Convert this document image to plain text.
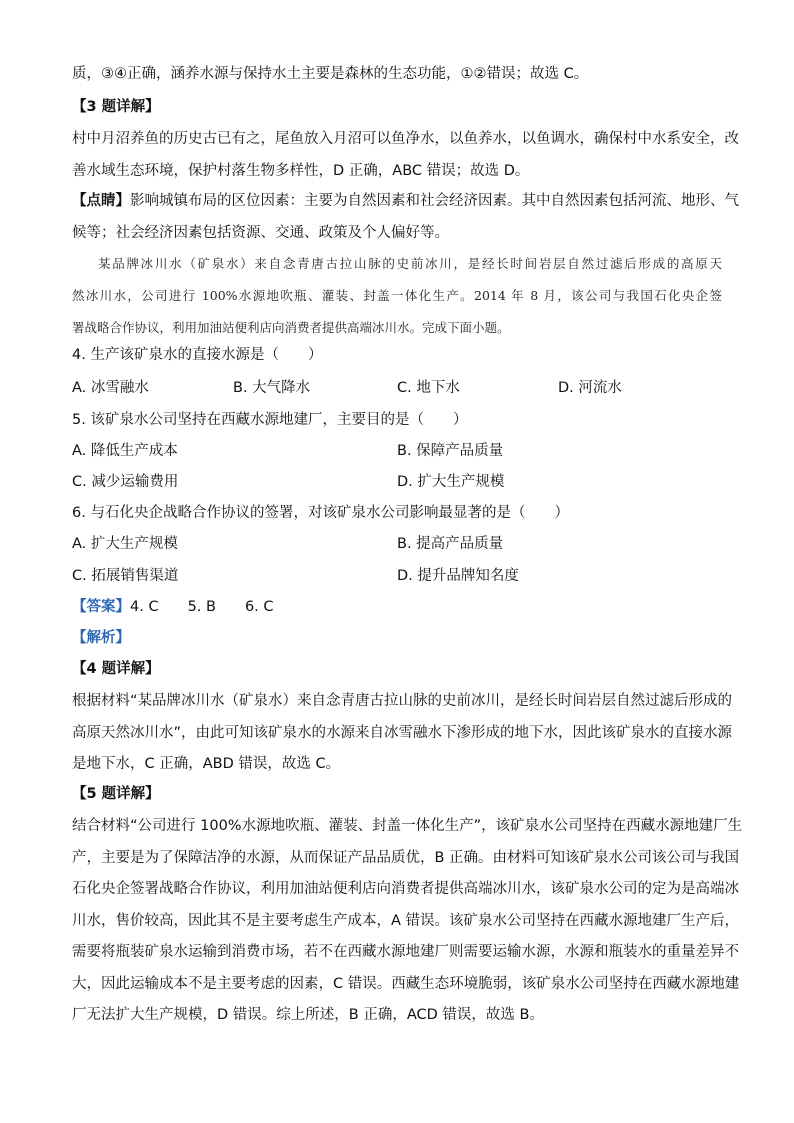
质，③④正确，涵养水源与保持水土主要是森林的生态功能，①②错误；故选 C。
【3 题详解】
村中月沼养鱼的历史古已有之，尾鱼放入月沼可以鱼净水，以鱼养水，以鱼调水，确保村中水系安全，改
善水域生态环境，保护村落生物多样性，D 正确，ABC 错误；故选 D。
【点睛】影响城镇布局的区位因素：主要为自然因素和社会经济因素。其中自然因素包括河流、地形、气
候等；社会经济因素包括资源、交通、政策及个人偏好等。
某品牌冰川水（矿泉水）来自念青唐古拉山脉的史前冰川，是经长时间岩层自然过滤后形成的高原天
然冰川水，公司进行 100%水源地吹瓶、灌装、封盖一体化生产。2014 年 8 月，该公司与我国石化央企签
署战略合作协议，利用加油站便利店向消费者提供高端冰川水。完成下面小题。
4. 生产该矿泉水的直接水源是（　　）
A. 冰雪融水	B. 大气降水	C. 地下水	D. 河流水
5. 该矿泉水公司坚持在西藏水源地建厂，主要目的是（　　）
A. 降低生产成本	B. 保障产品质量
C. 减少运输费用	D. 扩大生产规模
6. 与石化央企战略合作协议的签署，对该矿泉水公司影响最显著的是（　　）
A. 扩大生产规模	B. 提高产品质量
C. 拓展销售渠道	D. 提升品牌知名度
【答案】4. C　　5. B　　6. C
【解析】
【4 题详解】
根据材料“某品牌冰川水（矿泉水）来自念青唐古拉山脉的史前冰川，是经长时间岩层自然过滤后形成的
高原天然冰川水”，由此可知该矿泉水的水源来自冰雪融水下渗形成的地下水，因此该矿泉水的直接水源
是地下水，C 正确，ABD 错误，故选 C。
【5 题详解】
结合材料“公司进行 100%水源地吹瓶、灌装、封盖一体化生产”，该矿泉水公司坚持在西藏水源地建厂生
产，主要是为了保障洁净的水源，从而保证产品品质优，B 正确。由材料可知该矿泉水公司该公司与我国
石化央企签署战略合作协议，利用加油站便利店向消费者提供高端冰川水，该矿泉水公司的定为是高端冰
川水，售价较高，因此其不是主要考虑生产成本，A 错误。该矿泉水公司坚持在西藏水源地建厂生产后，
需要将瓶装矿泉水运输到消费市场，若不在西藏水源地建厂则需要运输水源，水源和瓶装水的重量差异不
大，因此运输成本不是主要考虑的因素，C 错误。西藏生态环境脆弱，该矿泉水公司坚持在西藏水源地建
厂无法扩大生产规模，D 错误。综上所述，B 正确，ACD 错误，故选 B。
